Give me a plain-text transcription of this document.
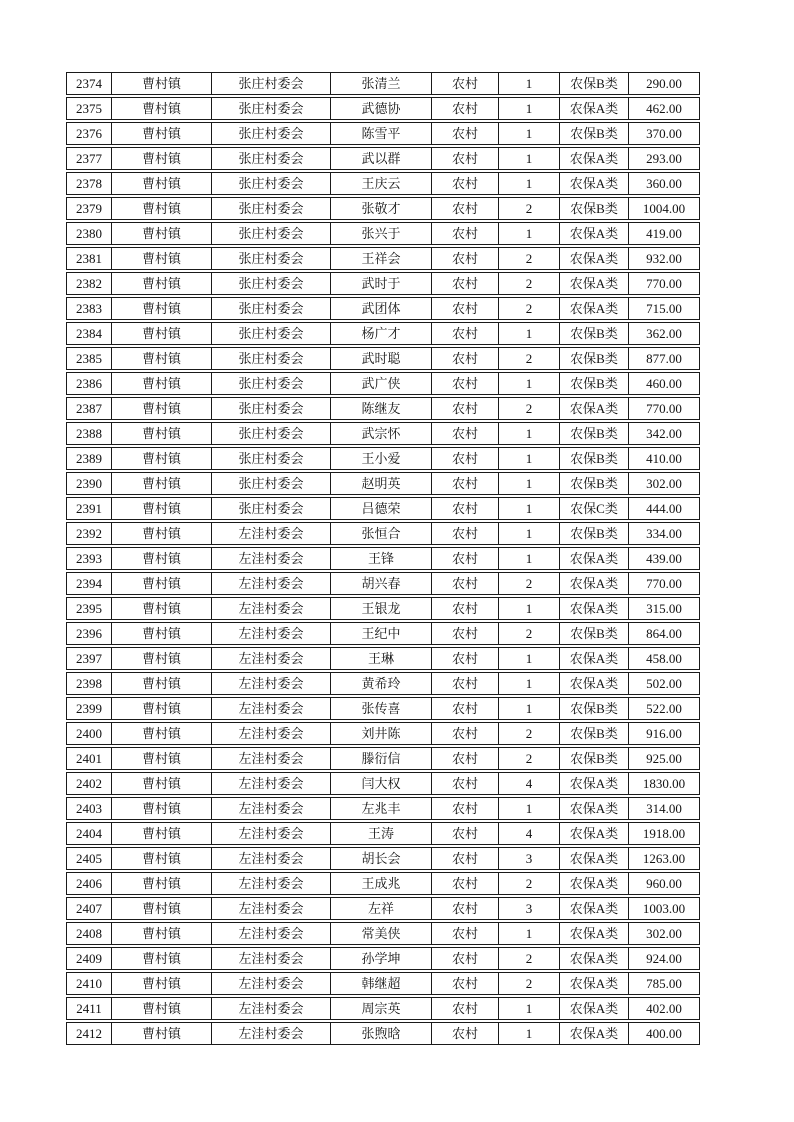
2374	曹村镇	张庄村委会	张清兰	农村	1	农保B类	290.00
2375	曹村镇	张庄村委会	武德协	农村	1	农保A类	462.00
2376	曹村镇	张庄村委会	陈雪平	农村	1	农保B类	370.00
2377	曹村镇	张庄村委会	武以群	农村	1	农保A类	293.00
2378	曹村镇	张庄村委会	王庆云	农村	1	农保A类	360.00
2379	曹村镇	张庄村委会	张敬才	农村	2	农保B类	1004.00
2380	曹村镇	张庄村委会	张兴于	农村	1	农保A类	419.00
2381	曹村镇	张庄村委会	王祥会	农村	2	农保A类	932.00
2382	曹村镇	张庄村委会	武时于	农村	2	农保A类	770.00
2383	曹村镇	张庄村委会	武团体	农村	2	农保A类	715.00
2384	曹村镇	张庄村委会	杨广才	农村	1	农保B类	362.00
2385	曹村镇	张庄村委会	武时聪	农村	2	农保B类	877.00
2386	曹村镇	张庄村委会	武广侠	农村	1	农保B类	460.00
2387	曹村镇	张庄村委会	陈继友	农村	2	农保A类	770.00
2388	曹村镇	张庄村委会	武宗怀	农村	1	农保B类	342.00
2389	曹村镇	张庄村委会	王小爱	农村	1	农保B类	410.00
2390	曹村镇	张庄村委会	赵明英	农村	1	农保B类	302.00
2391	曹村镇	张庄村委会	吕德荣	农村	1	农保C类	444.00
2392	曹村镇	左洼村委会	张恒合	农村	1	农保B类	334.00
2393	曹村镇	左洼村委会	王锋	农村	1	农保A类	439.00
2394	曹村镇	左洼村委会	胡兴春	农村	2	农保A类	770.00
2395	曹村镇	左洼村委会	王银龙	农村	1	农保A类	315.00
2396	曹村镇	左洼村委会	王纪中	农村	2	农保B类	864.00
2397	曹村镇	左洼村委会	王琳	农村	1	农保A类	458.00
2398	曹村镇	左洼村委会	黄希玲	农村	1	农保A类	502.00
2399	曹村镇	左洼村委会	张传喜	农村	1	农保B类	522.00
2400	曹村镇	左洼村委会	刘井陈	农村	2	农保B类	916.00
2401	曹村镇	左洼村委会	滕衍信	农村	2	农保B类	925.00
2402	曹村镇	左洼村委会	闫大权	农村	4	农保A类	1830.00
2403	曹村镇	左洼村委会	左兆丰	农村	1	农保A类	314.00
2404	曹村镇	左洼村委会	王涛	农村	4	农保A类	1918.00
2405	曹村镇	左洼村委会	胡长会	农村	3	农保A类	1263.00
2406	曹村镇	左洼村委会	王成兆	农村	2	农保A类	960.00
2407	曹村镇	左洼村委会	左祥	农村	3	农保A类	1003.00
2408	曹村镇	左洼村委会	常美侠	农村	1	农保A类	302.00
2409	曹村镇	左洼村委会	孙学坤	农村	2	农保A类	924.00
2410	曹村镇	左洼村委会	韩继超	农村	2	农保A类	785.00
2411	曹村镇	左洼村委会	周宗英	农村	1	农保A类	402.00
2412	曹村镇	左洼村委会	张煦晗	农村	1	农保A类	400.00
